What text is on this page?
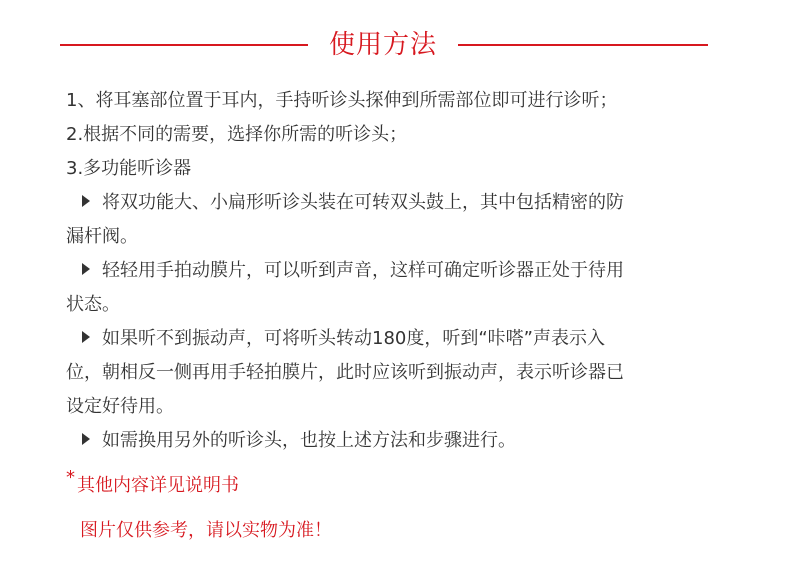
使用方法
1、将耳塞部位置于耳内，手持听诊头探伸到所需部位即可进行诊听；
2.根据不同的需要，选择你所需的听诊头；
3.多功能听诊器
将双功能大、小扁形听诊头装在可转双头鼓上，其中包括精密的防
漏杆阀。
轻轻用手拍动膜片，可以听到声音，这样可确定听诊器正处于待用
状态。
如果听不到振动声，可将听头转动180度，听到“咔嗒”声表示入
位，朝相反一侧再用手轻拍膜片，此时应该听到振动声，表示听诊器已
设定好待用。
如需换用另外的听诊头，也按上述方法和步骤进行。
* 其他内容详见说明书
图片仅供参考，请以实物为准！
